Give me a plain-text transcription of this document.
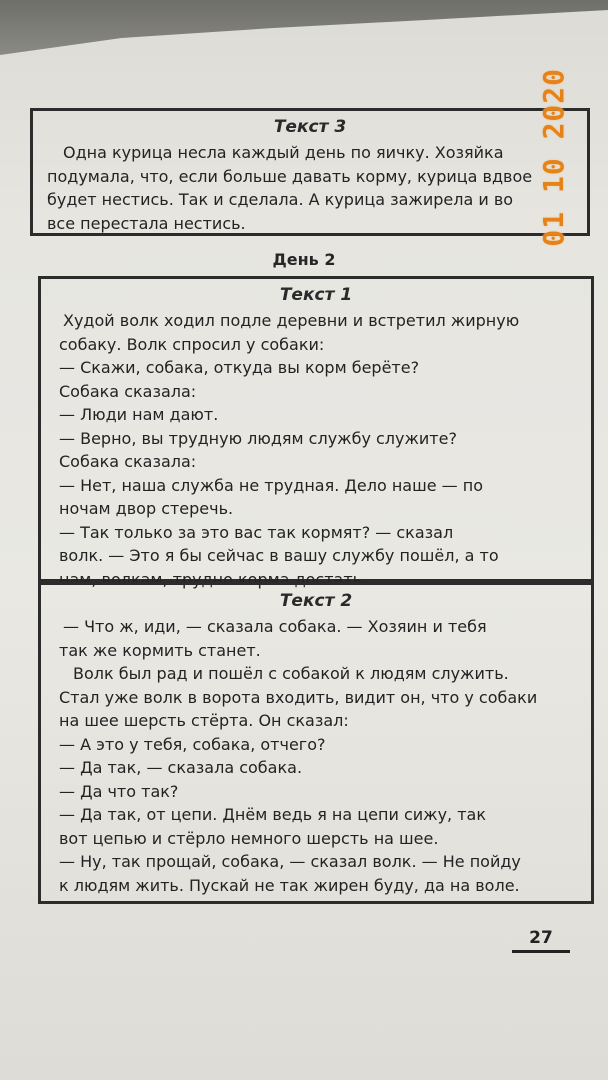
Текст 3
Одна курица несла каждый день по яичку. Хозяйка
подумала, что, если больше давать корму, курица вдвое
будет нестись. Так и сделала. А курица зажирела и во
все перестала нестись.
День 2
Текст 1
Худой волк ходил подле деревни и встретил жирную
собаку. Волк спросил у собаки:
— Скажи, собака, откуда вы корм берёте?
Собака сказала:
— Люди нам дают.
— Верно, вы трудную людям службу служите?
Собака сказала:
— Нет, наша служба не трудная. Дело наше — по
ночам двор стеречь.
— Так только за это вас так кормят? — сказал
волк. — Это я бы сейчас в вашу службу пошёл, а то
нам, волкам, трудно корма достать.
Текст 2
— Что ж, иди, — сказала собака. — Хозяин и тебя
так же кормить станет.
Волк был рад и пошёл с собакой к людям служить.
Стал уже волк в ворота входить, видит он, что у собаки
на шее шерсть стёрта. Он сказал:
— А это у тебя, собака, отчего?
— Да так, — сказала собака.
— Да что так?
— Да так, от цепи. Днём ведь я на цепи сижу, так
вот цепью и стёрло немного шерсть на шее.
— Ну, так прощай, собака, — сказал волк. — Не пойду
к людям жить. Пускай не так жирен буду, да на воле.
27
01 10 2020
